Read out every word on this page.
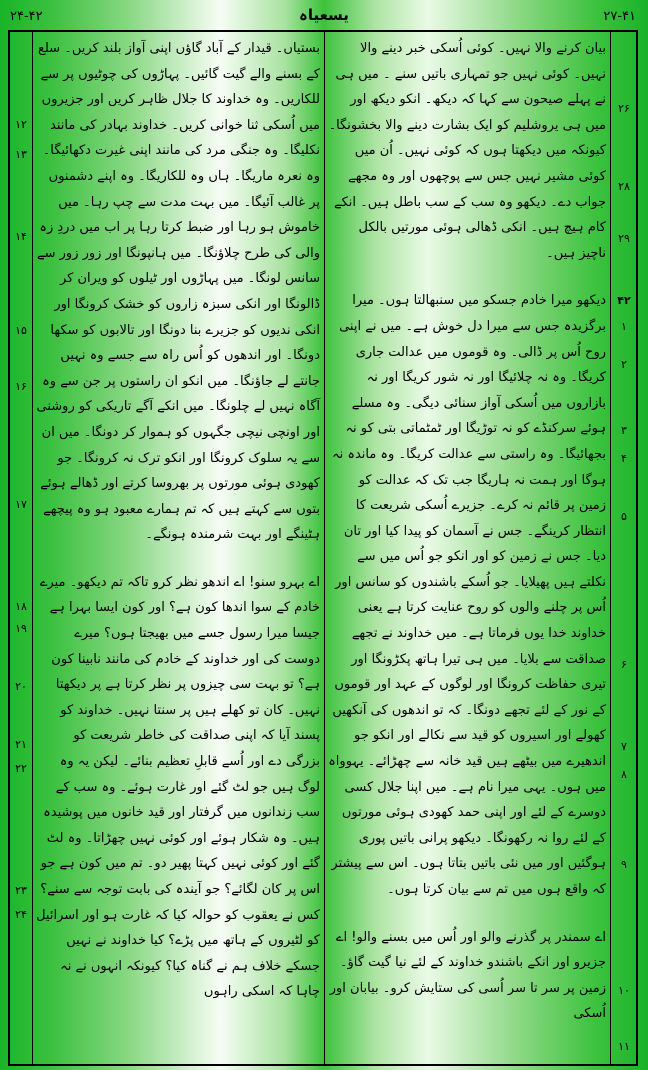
۲۴-۴۲	یسعیاہ	۲۷-۴۱

بیان کرنے والا نہیں۔ کوئی اُسکی خبر دینے والا نہیں۔ کوئی نہیں جو تمہاری باتیں سنے ۔ میں ہی نے پہلے صیحون سے کہا کہ دیکھ۔ انکو دیکھ اور میں ہی یروشلیم کو ایک بشارت دینے والا بخشونگا۔ کیونکہ میں دیکھتا ہوں کہ کوئی نہیں۔ اُن میں کوئی مشیر نہیں جس سے پوچھوں اور وہ مجھے جواب دے۔ دیکھو وہ سب کے سب باطل ہیں۔ انکے کام ہیچ ہیں۔ انکی ڈھالی ہوئی مورتیں بالکل ناچیز ہیں۔

دیکھو میرا خادم جسکو میں سنبھالتا ہوں۔ میرا برگزیدہ جس سے میرا دل خوش ہے۔ میں نے اپنی روح اُس پر ڈالی۔ وہ قوموں میں عدالت جاری کریگا۔ وہ نہ چلائیگا اور نہ شور کریگا اور نہ بازاروں میں اُسکی آواز سنائی دیگی۔ وہ مسلے ہوئے سرکنڈے کو نہ توڑیگا اور ٹمٹماتی بتی کو نہ بجھائیگا۔ وہ راستی سے عدالت کریگا۔ وہ ماندہ نہ ہوگا اور ہمت نہ ہاریگا جب تک کہ عدالت کو زمین پر قائم نہ کرے۔ جزیرے اُسکی شریعت کا انتظار کرینگے۔ جس نے آسمان کو پیدا کیا اور تان دیا۔ جس نے زمین کو اور انکو جو اُس میں سے نکلتے ہیں پھیلایا۔ جو اُسکے باشندوں کو سانس اور اُس پر چلنے والوں کو روح عنایت کرتا ہے یعنی خداوند خدا یوں فرماتا ہے۔ میں خداوند نے تجھے صداقت سے بلایا۔ میں ہی تیرا ہاتھ پکڑونگا اور تیری حفاظت کرونگا اور لوگوں کے عہد اور قوموں کے نور کے لئے تجھے دونگا۔ کہ تو اندھوں کی آنکھیں کھولے اور اسیروں کو قید سے نکالے اور انکو جو اندھیرے میں بیٹھے ہیں قید خانہ سے چھڑائے۔ یہوواہ میں ہوں۔ یہی میرا نام ہے۔ میں اپنا جلال کسی دوسرے کے لئے اور اپنی حمد کھودی ہوئی مورتوں کے لئے روا نہ رکھونگا۔ دیکھو پرانی باتیں پوری ہوگئیں اور میں نئی باتیں بتاتا ہوں۔ اس سے پیشتر کہ واقع ہوں میں تم سے بیان کرتا ہوں۔

اے سمندر پر گذرنے والو اور اُس میں بسنے والو! اے جزیرو اور انکے باشندو خداوند کے لئے نیا گیت گاؤ۔ زمین پر سر تا سر اُسی کی ستایش کرو۔ بیابان اور اُسکی

بستیاں۔ قیدار کے آباد گاؤں اپنی آواز بلند کریں۔ سلع کے بسنے والے گیت گائیں۔ پہاڑوں کی چوٹیوں پر سے للکاریں۔ وہ خداوند کا جلال ظاہر کریں اور جزیروں میں اُسکی ثنا خوانی کریں۔ خداوند بہادر کی مانند نکلیگا۔ وہ جنگی مرد کی مانند اپنی غیرت دکھائیگا۔ وہ نعرہ ماریگا۔ ہاں وہ للکاریگا۔ وہ اپنے دشمنوں پر غالب آئیگا۔ میں بہت مدت سے چپ رہا۔ میں خاموش ہو رہا اور ضبط کرتا رہا پر اب میں دردِ زہ والی کی طرح چلاؤنگا۔ میں ہانپونگا اور زور زور سے سانس لونگا۔ میں پہاڑوں اور ٹیلوں کو ویران کر ڈالونگا اور انکی سبزہ زاروں کو خشک کرونگا اور انکی ندیوں کو جزیرے بنا دونگا اور تالابوں کو سکھا دونگا۔ اور اندھوں کو اُس راہ سے جسے وہ نہیں جانتے لے جاؤنگا۔ میں انکو ان راستوں پر جن سے وہ آگاہ نہیں لے چلونگا۔ میں انکے آگے تاریکی کو روشنی اور اونچی نیچی جگہوں کو ہموار کر دونگا۔ میں ان سے یہ سلوک کرونگا اور انکو ترک نہ کرونگا۔ جو کھودی ہوئی مورتوں پر بھروسا کرتے اور ڈھالے ہوئے بتوں سے کہتے ہیں کہ تم ہمارے معبود ہو وہ پیچھے ہٹینگے اور بہت شرمندہ ہونگے۔

اے بہرو سنو! اے اندھو نظر کرو تاکہ تم دیکھو۔ میرے خادم کے سوا اندھا کون ہے؟ اور کون ایسا بہرا ہے جیسا میرا رسول جسے میں بھیجتا ہوں؟ میرے دوست کی اور خداوند کے خادم کی مانند نابینا کون ہے؟ تو بہت سی چیزوں پر نظر کرتا ہے پر دیکھتا نہیں۔ کان تو کھلے ہیں پر سنتا نہیں۔ خداوند کو پسند آیا کہ اپنی صداقت کی خاطر شریعت کو بزرگی دے اور اُسے قابلِ تعظیم بنائے۔ لیکن یہ وہ لوگ ہیں جو لٹ گئے اور غارت ہوئے۔ وہ سب کے سب زندانوں میں گرفتار اور قید خانوں میں پوشیدہ ہیں۔ وہ شکار ہوئے اور کوئی نہیں چھڑاتا۔ وہ لٹ گئے اور کوئی نہیں کہتا پھیر دو۔ تم میں کون ہے جو اس پر کان لگائے؟ جو آیندہ کی بابت توجہ سے سنے؟ کس نے یعقوب کو حوالہ کیا کہ غارت ہو اور اسرائیل کو لٹیروں کے ہاتھ میں پڑے؟ کیا خداوند نے نہیں جسکے خلاف ہم نے گناہ کیا؟ کیونکہ انہوں نے نہ چاہا کہ اسکی راہوں

۲۶
۲۸
۲۹
۴۲
۱
۲
۳
۴
۵
۶
۷
۸
۹
۱۰
۱۱
۱۲
۱۳
۱۴
۱۵
۱۶
۱۷
۱۸
۱۹
۲۰
۲۱
۲۲
۲۳
۲۴
